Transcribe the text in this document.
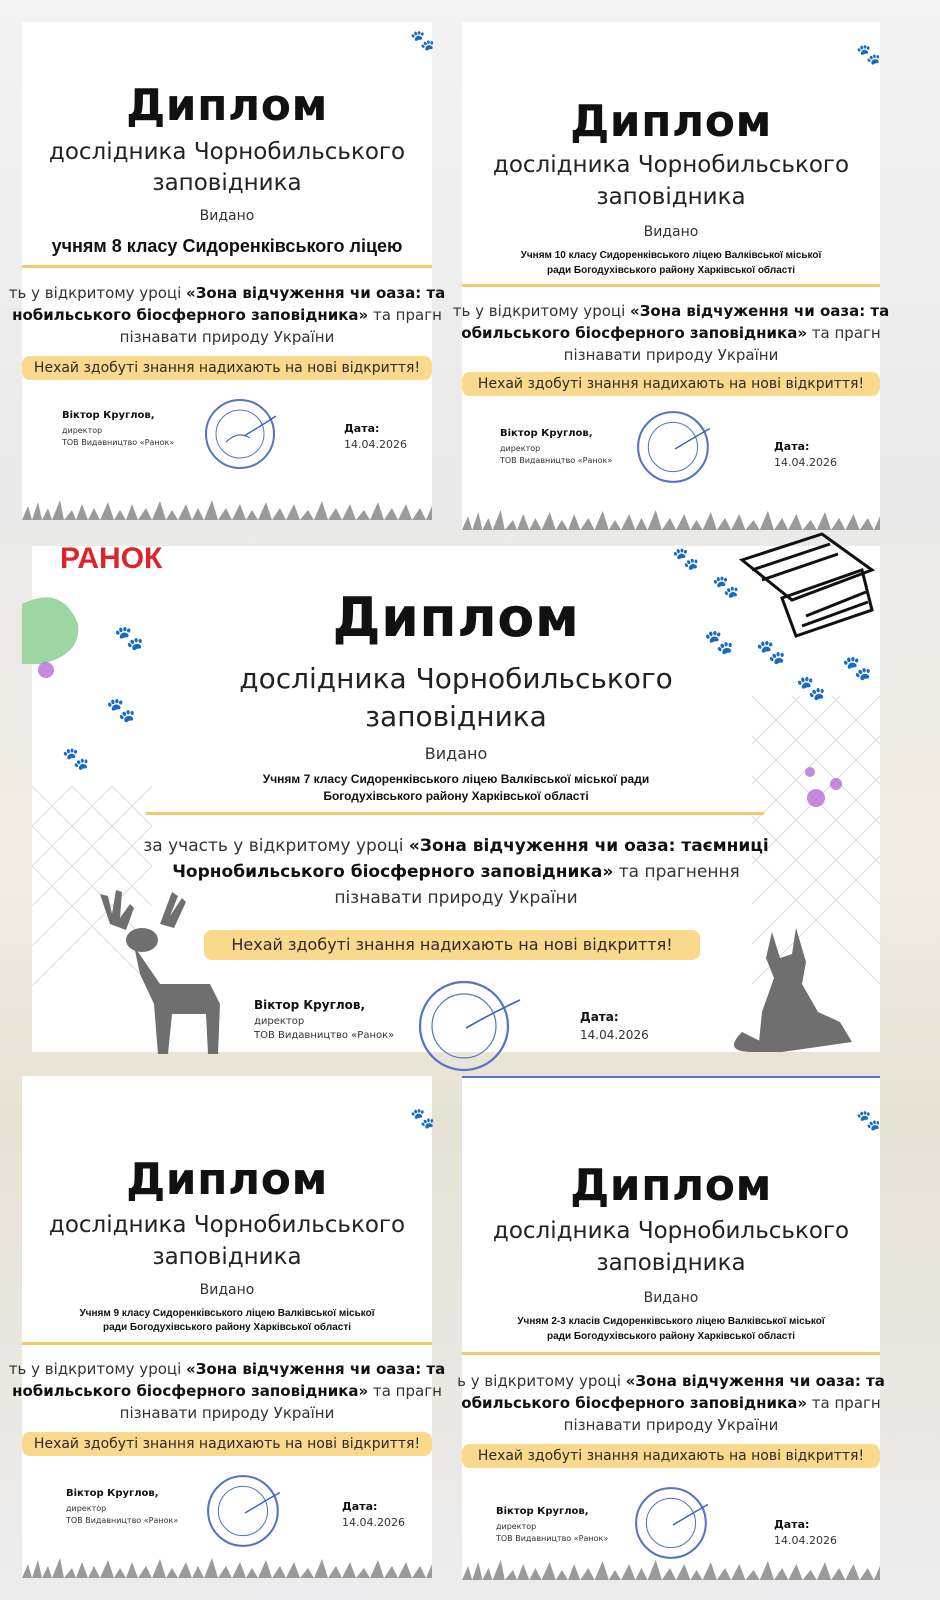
🐾
Диплом
дослідника Чорнобильського
заповідника
Видано
учням 8 класу Сидоренківського ліцею
ть у відкритому уроці «Зона відчуження чи оаза: та
нобильського біосферного заповідника» та прагн
пізнавати природу України
Нехай здобуті знання надихають на нові відкриття!
Віктор Круглов,
директор
ТОВ Видавництво «Ранок»
Дата:
14.04.2026
🐾
Диплом
дослідника Чорнобильського
заповідника
Видано
Учням 10 класу Сидоренківського ліцею Валківської міської
ради Богодухівського району Харківської області
ть у відкритому уроці «Зона відчуження чи оаза: та
обильського біосферного заповідника» та прагн
пізнавати природу України
Нехай здобуті знання надихають на нові відкриття!
Віктор Круглов,
директор
ТОВ Видавництво «Ранок»
Дата:
14.04.2026
РАНОК
🐾
🐾
🐾
🐾
🐾
🐾 🐾
🐾
🐾
Диплом
дослідника Чорнобильського
заповідника
Видано
Учням 7 класу Сидоренківського ліцею Валківської міської ради
Богодухівського району Харківської області
за участь у відкритому уроці «Зона відчуження чи оаза: таємниці
Чорнобильського біосферного заповідника» та прагнення
пізнавати природу України
Нехай здобуті знання надихають на нові відкриття!
Віктор Круглов,
директор
ТОВ Видавництво «Ранок»
Дата:
14.04.2026
🐾
Диплом
дослідника Чорнобильського
заповідника
Видано
Учням 9 класу Сидоренківського ліцею Валківської міської
ради Богодухівського району Харківської області
ть у відкритому уроці «Зона відчуження чи оаза: та
нобильського біосферного заповідника» та прагн
пізнавати природу України
Нехай здобуті знання надихають на нові відкриття!
Віктор Круглов,
директор
ТОВ Видавництво «Ранок»
Дата:
14.04.2026
🐾
Диплом
дослідника Чорнобильського
заповідника
Видано
Учням 2-3 класів Сидоренківського ліцею Валківської міської
ради Богодухівського району Харківської області
ь у відкритому уроці «Зона відчуження чи оаза: та
обильського біосферного заповідника» та прагн
пізнавати природу України
Нехай здобуті знання надихають на нові відкриття!
Віктор Круглов,
директор
ТОВ Видавництво «Ранок»
Дата:
14.04.2026
